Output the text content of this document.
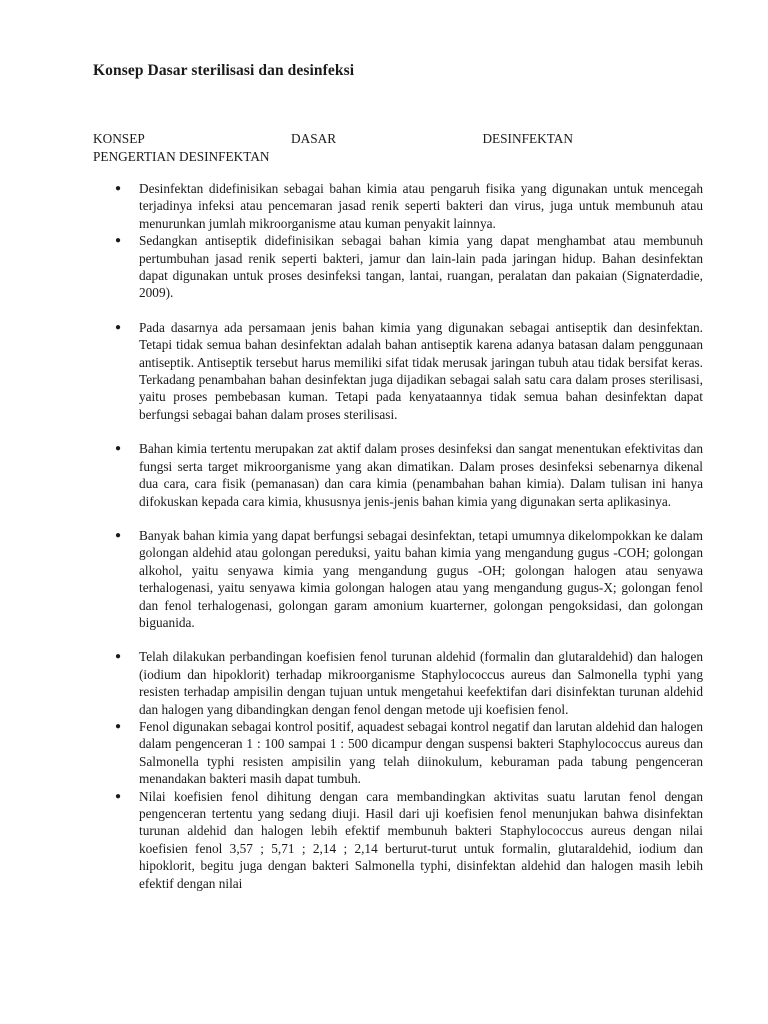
Konsep Dasar sterilisasi dan desinfeksi
KONSEP	DASAR	DESINFEKTAN
PENGERTIAN DESINFEKTAN
● Desinfektan didefinisikan sebagai bahan kimia atau pengaruh fisika yang digunakan untuk mencegah terjadinya infeksi atau pencemaran jasad renik seperti bakteri dan virus, juga untuk membunuh atau menurunkan jumlah mikroorganisme atau kuman penyakit lainnya.
● Sedangkan antiseptik didefinisikan sebagai bahan kimia yang dapat menghambat atau membunuh pertumbuhan jasad renik seperti bakteri, jamur dan lain-lain pada jaringan hidup. Bahan desinfektan dapat digunakan untuk proses desinfeksi tangan, lantai, ruangan, peralatan dan pakaian (Signaterdadie, 2009).
● Pada dasarnya ada persamaan jenis bahan kimia yang digunakan sebagai antiseptik dan desinfektan. Tetapi tidak semua bahan desinfektan adalah bahan antiseptik karena adanya batasan dalam penggunaan antiseptik. Antiseptik tersebut harus memiliki sifat tidak merusak jaringan tubuh atau tidak bersifat keras. Terkadang penambahan bahan desinfektan juga dijadikan sebagai salah satu cara dalam proses sterilisasi, yaitu proses pembebasan kuman. Tetapi pada kenyataannya tidak semua bahan desinfektan dapat berfungsi sebagai bahan dalam proses sterilisasi.
● Bahan kimia tertentu merupakan zat aktif dalam proses desinfeksi dan sangat menentukan efektivitas dan fungsi serta target mikroorganisme yang akan dimatikan. Dalam proses desinfeksi sebenarnya dikenal dua cara, cara fisik (pemanasan) dan cara kimia (penambahan bahan kimia). Dalam tulisan ini hanya difokuskan kepada cara kimia, khususnya jenis-jenis bahan kimia yang digunakan serta aplikasinya.
● Banyak bahan kimia yang dapat berfungsi sebagai desinfektan, tetapi umumnya dikelompokkan ke dalam golongan aldehid atau golongan pereduksi, yaitu bahan kimia yang mengandung gugus -COH; golongan alkohol, yaitu senyawa kimia yang mengandung gugus -OH; golongan halogen atau senyawa terhalogenasi, yaitu senyawa kimia golongan halogen atau yang mengandung gugus-X; golongan fenol dan fenol terhalogenasi, golongan garam amonium kuarterner, golongan pengoksidasi, dan golongan biguanida.
● Telah dilakukan perbandingan koefisien fenol turunan aldehid (formalin dan glutaraldehid) dan halogen (iodium dan hipoklorit) terhadap mikroorganisme Staphylococcus aureus dan Salmonella typhi yang resisten terhadap ampisilin dengan tujuan untuk mengetahui keefektifan dari disinfektan turunan aldehid dan halogen yang dibandingkan dengan fenol dengan metode uji koefisien fenol.
● Fenol digunakan sebagai kontrol positif, aquadest sebagai kontrol negatif dan larutan aldehid dan halogen dalam pengenceran 1 : 100 sampai 1 : 500 dicampur dengan suspensi bakteri Staphylococcus aureus dan Salmonella typhi resisten ampisilin yang telah diinokulum, keburaman pada tabung pengenceran menandakan bakteri masih dapat tumbuh.
● Nilai koefisien fenol dihitung dengan cara membandingkan aktivitas suatu larutan fenol dengan pengenceran tertentu yang sedang diuji. Hasil dari uji koefisien fenol menunjukan bahwa disinfektan turunan aldehid dan halogen lebih efektif membunuh bakteri Staphylococcus aureus dengan nilai koefisien fenol 3,57 ; 5,71 ; 2,14 ; 2,14 berturut-turut untuk formalin, glutaraldehid, iodium dan hipoklorit, begitu juga dengan bakteri Salmonella typhi, disinfektan aldehid dan halogen masih lebih efektif dengan nilai
